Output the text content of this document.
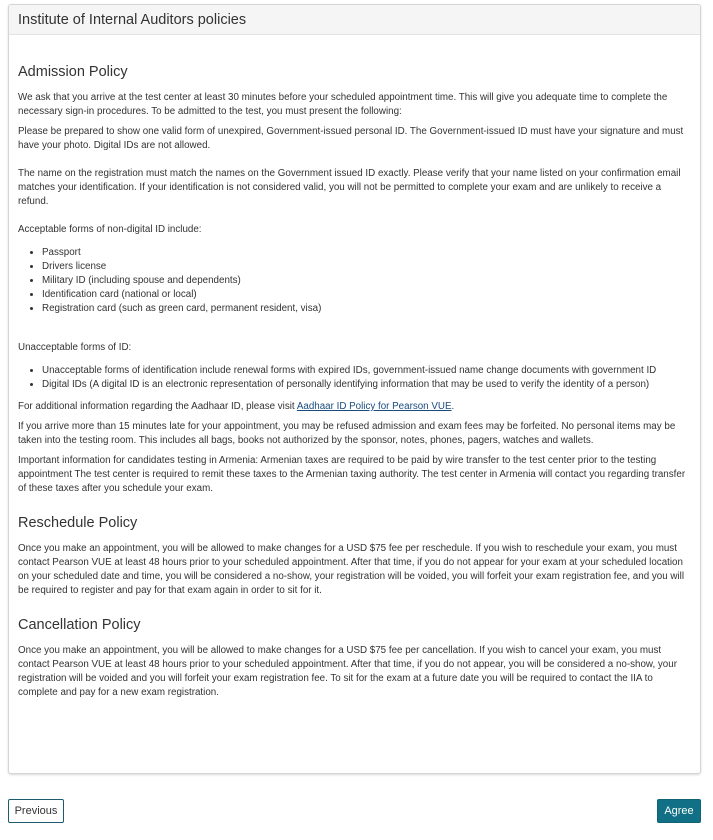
Institute of Internal Auditors policies
Admission Policy

We ask that you arrive at the test center at least 30 minutes before your scheduled appointment time. This will give you adequate time to complete the necessary sign-in procedures. To be admitted to the test, you must present the following:

Please be prepared to show one valid form of unexpired, Government-issued personal ID. The Government-issued ID must have your signature and must have your photo. Digital IDs are not allowed.

The name on the registration must match the names on the Government issued ID exactly. Please verify that your name listed on your confirmation email matches your identification. If your identification is not considered valid, you will not be permitted to complete your exam and are unlikely to receive a refund.

Acceptable forms of non-digital ID include:

• Passport
• Drivers license
• Military ID (including spouse and dependents)
• Identification card (national or local)
• Registration card (such as green card, permanent resident, visa)

Unacceptable forms of ID:

• Unacceptable forms of identification include renewal forms with expired IDs, government-issued name change documents with government ID
• Digital IDs (A digital ID is an electronic representation of personally identifying information that may be used to verify the identity of a person)

For additional information regarding the Aadhaar ID, please visit Aadhaar ID Policy for Pearson VUE.

If you arrive more than 15 minutes late for your appointment, you may be refused admission and exam fees may be forfeited. No personal items may be taken into the testing room. This includes all bags, books not authorized by the sponsor, notes, phones, pagers, watches and wallets.

Important information for candidates testing in Armenia: Armenian taxes are required to be paid by wire transfer to the test center prior to the testing appointment The test center is required to remit these taxes to the Armenian taxing authority. The test center in Armenia will contact you regarding transfer of these taxes after you schedule your exam.

Reschedule Policy

Once you make an appointment, you will be allowed to make changes for a USD $75 fee per reschedule. If you wish to reschedule your exam, you must contact Pearson VUE at least 48 hours prior to your scheduled appointment. After that time, if you do not appear for your exam at your scheduled location on your scheduled date and time, you will be considered a no-show, your registration will be voided, you will forfeit your exam registration fee, and you will be required to register and pay for that exam again in order to sit for it.

Cancellation Policy

Once you make an appointment, you will be allowed to make changes for a USD $75 fee per cancellation. If you wish to cancel your exam, you must contact Pearson VUE at least 48 hours prior to your scheduled appointment. After that time, if you do not appear, you will be considered a no-show, your registration will be voided and you will forfeit your exam registration fee. To sit for the exam at a future date you will be required to contact the IIA to complete and pay for a new exam registration.

Previous	Agree
